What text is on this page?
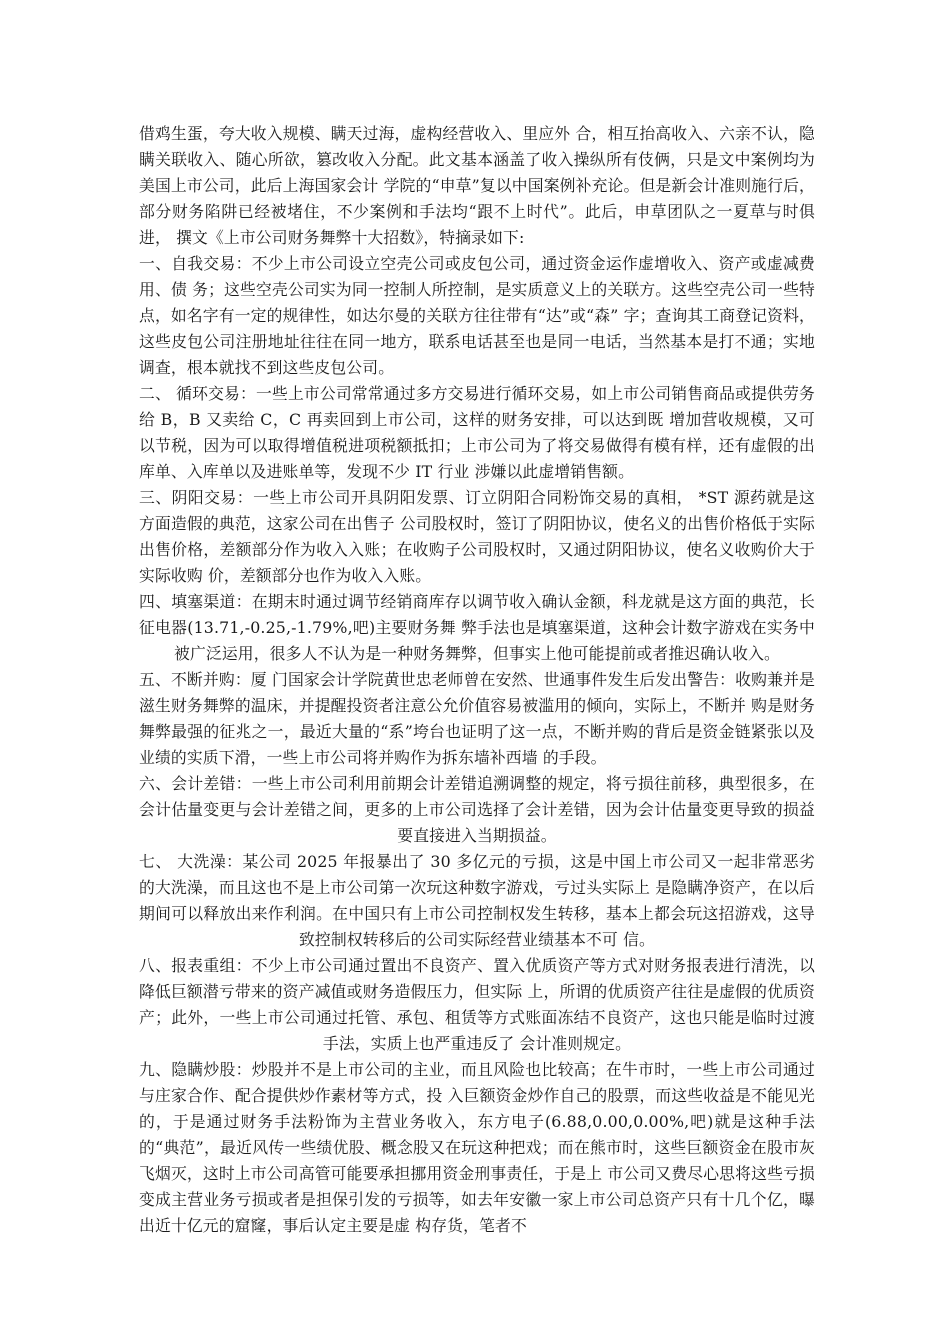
借鸡生蛋，夸大收入规模、瞒天过海，虚构经营收入、里应外 合，相互抬高收入、六亲不认，隐瞒关联收入、随心所欲，篡改收入分配。此文基本涵盖了收入操纵所有伎俩，只是文中案例均为美国上市公司，此后上海国家会计 学院的“申草”复以中国案例补充论。但是新会计准则施行后，部分财务陷阱已经被堵住，不少案例和手法均“跟不上时代”。此后，申草团队之一夏草与时俱进， 撰文《上市公司财务舞弊十大招数》，特摘录如下:

一、自我交易：不少上市公司设立空壳公司或皮包公司，通过资金运作虚增收入、资产或虚减费用、债 务；这些空壳公司实为同一控制人所控制，是实质意义上的关联方。这些空壳公司一些特点，如名字有一定的规律性，如达尔曼的关联方往往带有“达”或“森” 字；查询其工商登记资料，这些皮包公司注册地址往往在同一地方，联系电话甚至也是同一电话，当然基本是打不通；实地调查，根本就找不到这些皮包公司。

二、 循环交易：一些上市公司常常通过多方交易进行循环交易，如上市公司销售商品或提供劳务给 B，B 又卖给 C，C 再卖回到上市公司，这样的财务安排，可以达到既 增加营收规模，又可以节税，因为可以取得增值税进项税额抵扣；上市公司为了将交易做得有模有样，还有虚假的出库单、入库单以及进账单等，发现不少 IT 行业 涉嫌以此虚增销售额。

三、阴阳交易：一些上市公司开具阴阳发票、订立阴阳合同粉饰交易的真相， *ST 源药就是这方面造假的典范，这家公司在出售子 公司股权时，签订了阴阳协议，使名义的出售价格低于实际出售价格，差额部分作为收入入账；在收购子公司股权时，又通过阴阳协议，使名义收购价大于实际收购 价，差额部分也作为收入入账。

四、填塞渠道：在期末时通过调节经销商库存以调节收入确认金额，科龙就是这方面的典范，长征电器(13.71,-0.25,-1.79%,吧)主要财务舞 弊手法也是填塞渠道，这种会计数字游戏在实务中被广泛运用，很多人不认为是一种财务舞弊，但事实上他可能提前或者推迟确认收入。

五、不断并购：厦 门国家会计学院黄世忠老师曾在安然、世通事件发生后发出警告：收购兼并是滋生财务舞弊的温床，并提醒投资者注意公允价值容易被滥用的倾向，实际上，不断并 购是财务舞弊最强的征兆之一，最近大量的“系”垮台也证明了这一点，不断并购的背后是资金链紧张以及业绩的实质下滑，一些上市公司将并购作为拆东墙补西墙 的手段。

六、会计差错：一些上市公司利用前期会计差错追溯调整的规定，将亏损往前移，典型很多，在会计估量变更与会计差错之间，更多的上市公司选择了会计差错，因为会计估量变更导致的损益要直接进入当期损益。

七、 大洗澡：某公司 2025 年报暴出了 30 多亿元的亏损，这是中国上市公司又一起非常恶劣的大洗澡，而且这也不是上市公司第一次玩这种数字游戏，亏过头实际上 是隐瞒净资产，在以后期间可以释放出来作利润。在中国只有上市公司控制权发生转移，基本上都会玩这招游戏，这导致控制权转移后的公司实际经营业绩基本不可 信。

八、报表重组：不少上市公司通过置出不良资产、置入优质资产等方式对财务报表进行清洗，以降低巨额潜亏带来的资产减值或财务造假压力，但实际 上，所谓的优质资产往往是虚假的优质资产；此外，一些上市公司通过托管、承包、租赁等方式账面冻结不良资产，这也只能是临时过渡手法，实质上也严重违反了 会计准则规定。

九、隐瞒炒股：炒股并不是上市公司的主业，而且风险也比较高；在牛市时，一些上市公司通过与庄家合作、配合提供炒作素材等方式，投 入巨额资金炒作自己的股票，而这些收益是不能见光的，于是通过财务手法粉饰为主营业务收入，东方电子(6.88,0.00,0.00%,吧)就是这种手法 的“典范”，最近风传一些绩优股、概念股又在玩这种把戏；而在熊市时，这些巨额资金在股市灰飞烟灭，这时上市公司高管可能要承担挪用资金刑事责任，于是上 市公司又费尽心思将这些亏损变成主营业务亏损或者是担保引发的亏损等，如去年安徽一家上市公司总资产只有十几个亿，曝出近十亿元的窟窿，事后认定主要是虚 构存货，笔者不
